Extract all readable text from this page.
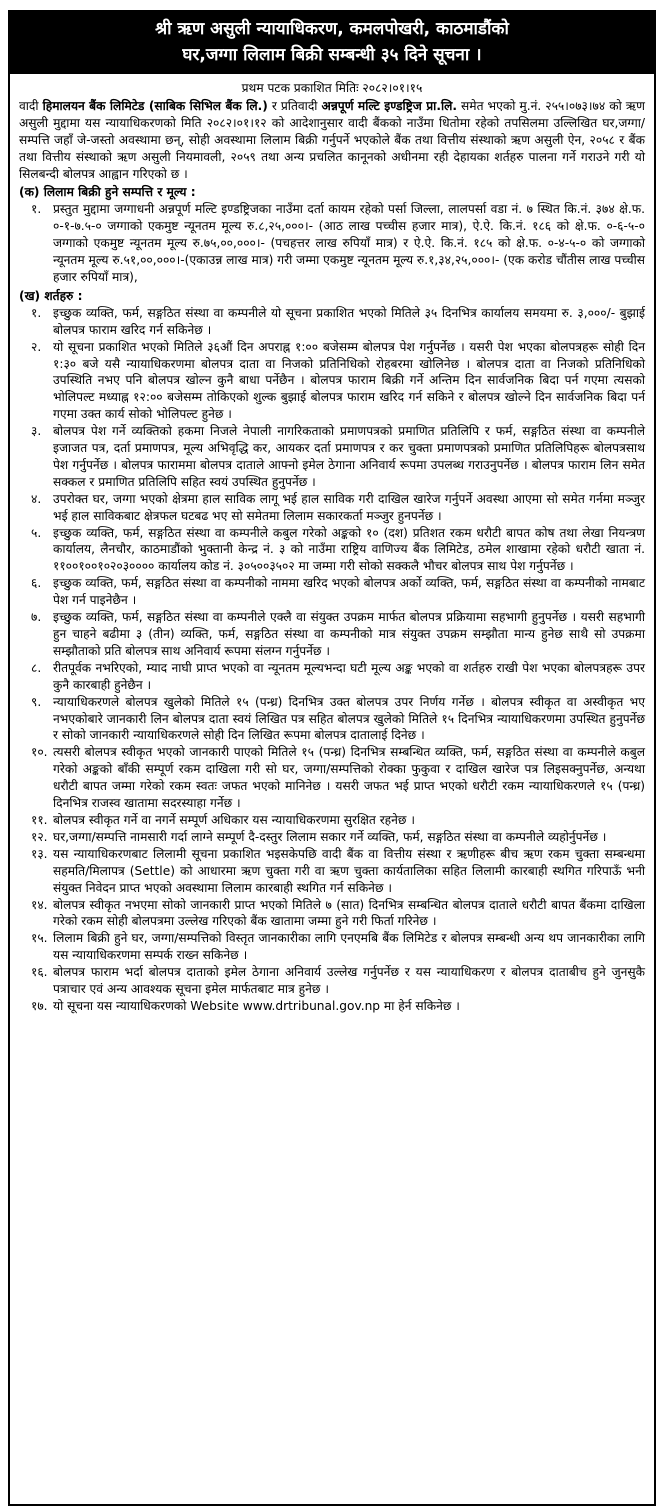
श्री ऋण असुली न्यायाधिकरण, कमलपोखरी, काठमाडौंको
घर,जग्गा लिलाम बिक्री सम्बन्धी ३५ दिने सूचना ।
प्रथम पटक प्रकाशित मितिः २०८२।०१।१५

वादी हिमालयन बैंक लिमिटेड (साबिक सिभिल बैंक लि.) र प्रतिवादी अन्नपूर्ण मल्टि इण्डष्ट्रिज प्रा.लि. समेत भएको मु.नं. २५५।०७३।७४ को ऋण असुली मुद्दामा यस न्यायाधिकरणको मिति २०८२।०१।१२ को आदेशानुसार वादी बैंकको नाउँमा धितोमा रहेको तपसिलमा उल्लिखित घर,जग्गा/सम्पत्ति जहाँ जे-जस्तो अवस्थामा छन्, सोही अवस्थामा लिलाम बिक्री गर्नुपर्ने भएकोले बैंक तथा वित्तीय संस्थाको ऋण असुली ऐन, २०५८ र बैंक तथा वित्तीय संस्थाको ऋण असुली नियमावली, २०५९ तथा अन्य प्रचलित कानूनको अधीनमा रही देहायका शर्तहरु पालना गर्ने गराउने गरी यो सिलबन्दी बोलपत्र आह्वान गरिएको छ ।

(क) लिलाम बिक्री हुने सम्पत्ति र मूल्य :
१. प्रस्तुत मुद्दामा जग्गाधनी अन्नपूर्ण मल्टि इण्डष्ट्रिजका नाउँमा दर्ता कायम रहेको पर्सा जिल्ला, लालपर्सा वडा नं. ७ स्थित कि.नं. ३७४ क्षे.फ. ०-१-७.५-० जग्गाको एकमुष्ट न्यूनतम मूल्य रु.८,२५,०००।- (आठ लाख पच्चीस हजार मात्र), ऐ.ऐ. कि.नं. १८६ को क्षे.फ. ०-६-५-० जग्गाको एकमुष्ट न्यूनतम मूल्य रु.७५,००,०००।- (पचहत्तर लाख रुपियाँ मात्र) र ऐ.ऐ. कि.नं. १८५ को क्षे.फ. ०-४-५-० को जग्गाको न्यूनतम मूल्य रु.५१,००,०००।-(एकाउन्न लाख मात्र) गरी जम्मा एकमुष्ट न्यूनतम मूल्य रु.१,३४,२५,०००।- (एक करोड चौंतीस लाख पच्चीस हजार रुपियाँ मात्र),
(ख) शर्तहरु :
१. इच्छुक व्यक्ति, फर्म, सङ्गठित संस्था वा कम्पनीले यो सूचना प्रकाशित भएको मितिले ३५ दिनभित्र कार्यालय समयमा रु. ३,०००/- बुझाई बोलपत्र फाराम खरिद गर्न सकिनेछ ।
२. यो सूचना प्रकाशित भएको मितिले ३६औं दिन अपराह्न १:०० बजेसम्म बोलपत्र पेश गर्नुपर्नेछ । यसरी पेश भएका बोलपत्रहरू सोही दिन १:३० बजे यसै न्यायाधिकरणमा बोलपत्र दाता वा निजको प्रतिनिधिको रोहबरमा खोलिनेछ । बोलपत्र दाता वा निजको प्रतिनिधिको उपस्थिति नभए पनि बोलपत्र खोल्न कुनै बाधा पर्नेछैन । बोलपत्र फाराम बिक्री गर्ने अन्तिम दिन सार्वजनिक बिदा पर्न गएमा त्यसको भोलिपल्ट मध्याह्न १२:०० बजेसम्म तोकिएको शुल्क बुझाई बोलपत्र फाराम खरिद गर्न सकिने र बोलपत्र खोल्ने दिन सार्वजनिक बिदा पर्न गएमा उक्त कार्य सोको भोलिपल्ट हुनेछ ।
३. बोलपत्र पेश गर्ने व्यक्तिको हकमा निजले नेपाली नागरिकताको प्रमाणपत्रको प्रमाणित प्रतिलिपि र फर्म, सङ्गठित संस्था वा कम्पनीले इजाजत पत्र, दर्ता प्रमाणपत्र, मूल्य अभिवृद्धि कर, आयकर दर्ता प्रमाणपत्र र कर चुक्ता प्रमाणपत्रको प्रमाणित प्रतिलिपिहरू बोलपत्रसाथ पेश गर्नुपर्नेछ । बोलपत्र फाराममा बोलपत्र दाताले आफ्नो इमेल ठेगाना अनिवार्य रूपमा उपलब्ध गराउनुपर्नेछ । बोलपत्र फाराम लिन समेत सक्कल र प्रमाणित प्रतिलिपि सहित स्वयं उपस्थित हुनुपर्नेछ ।
४. उपरोक्त घर, जग्गा भएको क्षेत्रमा हाल साविक लागू भई हाल साविक गरी दाखिल खारेज गर्नुपर्ने अवस्था आएमा सो समेत गर्नमा मञ्जुर भई हाल साविकबाट क्षेत्रफल घटबढ भए सो समेतमा लिलाम सकारकर्ता मञ्जुर हुनपर्नेछ ।
५. इच्छुक व्यक्ति, फर्म, सङ्गठित संस्था वा कम्पनीले कबुल गरेको अङ्कको १० (दश) प्रतिशत रकम धरौटी बापत कोष तथा लेखा नियन्त्रण कार्यालय, लैनचौर, काठमाडौंको भुक्तानी केन्द्र नं. ३ को नाउँमा राष्ट्रिय वाणिज्य बैंक लिमिटेड, ठमेल शाखामा रहेको धरौटी खाता नं. ११००१००१०२०३०००० कार्यालय कोड नं. ३०५००३५०२ मा जम्मा गरी सोको सक्कलै भौचर बोलपत्र साथ पेश गर्नुपर्नेछ ।
६. इच्छुक व्यक्ति, फर्म, सङ्गठित संस्था वा कम्पनीको नाममा खरिद भएको बोलपत्र अर्को व्यक्ति, फर्म, सङ्गठित संस्था वा कम्पनीको नामबाट पेश गर्न पाइनेछैन ।
७. इच्छुक व्यक्ति, फर्म, सङ्गठित संस्था वा कम्पनीले एक्लै वा संयुक्त उपक्रम मार्फत बोलपत्र प्रक्रियामा सहभागी हुनुपर्नेछ । यसरी सहभागी हुन चाहने बढीमा ३ (तीन) व्यक्ति, फर्म, सङ्गठित संस्था वा कम्पनीको मात्र संयुक्त उपक्रम सम्झौता मान्य हुनेछ साथै सो उपक्रमा सम्झौताको प्रति बोलपत्र साथ अनिवार्य रूपमा संलग्न गर्नुपर्नेछ ।
८. रीतपूर्वक नभरिएको, म्याद नाघी प्राप्त भएको वा न्यूनतम मूल्यभन्दा घटी मूल्य अङ्क भएको वा शर्तहरु राखी पेश भएका बोलपत्रहरू उपर कुनै कारबाही हुनेछैन ।
९. न्यायाधिकरणले बोलपत्र खुलेको मितिले १५ (पन्ध्र) दिनभित्र उक्त बोलपत्र उपर निर्णय गर्नेछ । बोलपत्र स्वीकृत वा अस्वीकृत भए नभएकोबारे जानकारी लिन बोलपत्र दाता स्वयं लिखित पत्र सहित बोलपत्र खुलेको मितिले १५ दिनभित्र न्यायाधिकरणमा उपस्थित हुनुपर्नेछ र सोको जानकारी न्यायाधिकरणले सोही दिन लिखित रूपमा बोलपत्र दातालाई दिनेछ ।
१०. त्यसरी बोलपत्र स्वीकृत भएको जानकारी पाएको मितिले १५ (पन्ध्र) दिनभित्र सम्बन्धित व्यक्ति, फर्म, सङ्गठित संस्था वा कम्पनीले कबुल गरेको अङ्कको बाँकी सम्पूर्ण रकम दाखिला गरी सो घर, जग्गा/सम्पत्तिको रोक्का फुकुवा र दाखिल खारेज पत्र लिइसक्नुपर्नेछ, अन्यथा धरौटी बापत जम्मा गरेको रकम स्वतः जफत भएको मानिनेछ । यसरी जफत भई प्राप्त भएको धरौटी रकम न्यायाधिकरणले १५ (पन्ध्र) दिनभित्र राजस्व खातामा सदरस्याहा गर्नेछ ।
११. बोलपत्र स्वीकृत गर्ने वा नगर्ने सम्पूर्ण अधिकार यस न्यायाधिकरणमा सुरक्षित रहनेछ ।
१२. घर,जग्गा/सम्पत्ति नामसारी गर्दा लाग्ने सम्पूर्ण दै-दस्तुर लिलाम सकार गर्ने व्यक्ति, फर्म, सङ्गठित संस्था वा कम्पनीले व्यहोर्नुपर्नेछ ।
१३. यस न्यायाधिकरणबाट लिलामी सूचना प्रकाशित भइसकेपछि वादी बैंक वा वित्तीय संस्था र ऋणीहरू बीच ऋण रकम चुक्ता सम्बन्धमा सहमति/मिलापत्र (Settle) को आधारमा ऋण चुक्ता गरी वा ऋण चुक्ता कार्यतालिका सहित लिलामी कारबाही स्थगित गरिपाऊँ भनी संयुक्त निवेदन प्राप्त भएको अवस्थामा लिलाम कारबाही स्थगित गर्न सकिनेछ ।
१४. बोलपत्र स्वीकृत नभएमा सोको जानकारी प्राप्त भएको मितिले ७ (सात) दिनभित्र सम्बन्धित बोलपत्र दाताले धरौटी बापत बैंकमा दाखिला गरेको रकम सोही बोलपत्रमा उल्लेख गरिएको बैंक खातामा जम्मा हुने गरी फिर्ता गरिनेछ ।
१५. लिलाम बिक्री हुने घर, जग्गा/सम्पत्तिको विस्तृत जानकारीका लागि एनएमबि बैंक लिमिटेड र बोलपत्र सम्बन्धी अन्य थप जानकारीका लागि यस न्यायाधिकरणमा सम्पर्क राख्न सकिनेछ ।
१६. बोलपत्र फाराम भर्दा बोलपत्र दाताको इमेल ठेगाना अनिवार्य उल्लेख गर्नुपर्नेछ र यस न्यायाधिकरण र बोलपत्र दाताबीच हुने जुनसुकै पत्राचार एवं अन्य आवश्यक सूचना इमेल मार्फतबाट मात्र हुनेछ ।
१७. यो सूचना यस न्यायाधिकरणको Website www.drtribunal.gov.np मा हेर्न सकिनेछ ।
